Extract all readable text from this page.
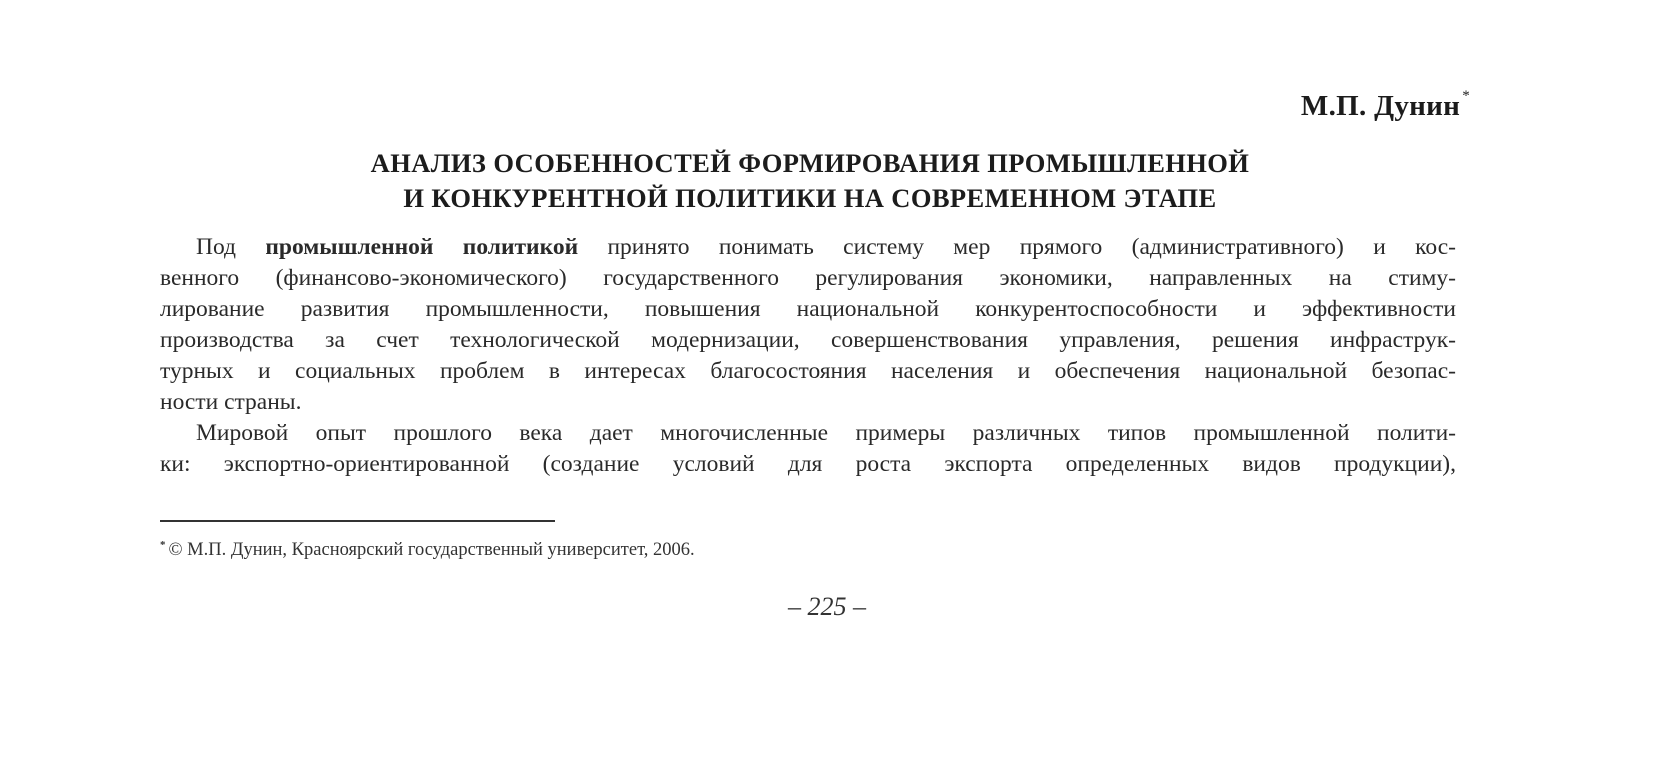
М.П. Дунин *
АНАЛИЗ ОСОБЕННОСТЕЙ ФОРМИРОВАНИЯ ПРОМЫШЛЕННОЙ
И КОНКУРЕНТНОЙ ПОЛИТИКИ НА СОВРЕМЕННОМ ЭТАПЕ
Под промышленной политикой принято понимать систему мер прямого (административного) и кос-
венного (финансово-экономического) государственного регулирования экономики, направленных на стиму-
лирование развития промышленности, повышения национальной конкурентоспособности и эффективности
производства за счет технологической модернизации, совершенствования управления, решения инфраструк-
турных и социальных проблем в интересах благосостояния населения и обеспечения национальной безопас-
ности страны.
Мировой опыт прошлого века дает многочисленные примеры различных типов промышленной полити-
ки: экспортно-ориентированной (создание условий для роста экспорта определенных видов продукции),
* © М.П. Дунин, Красноярский государственный университет, 2006.
– 225 –
